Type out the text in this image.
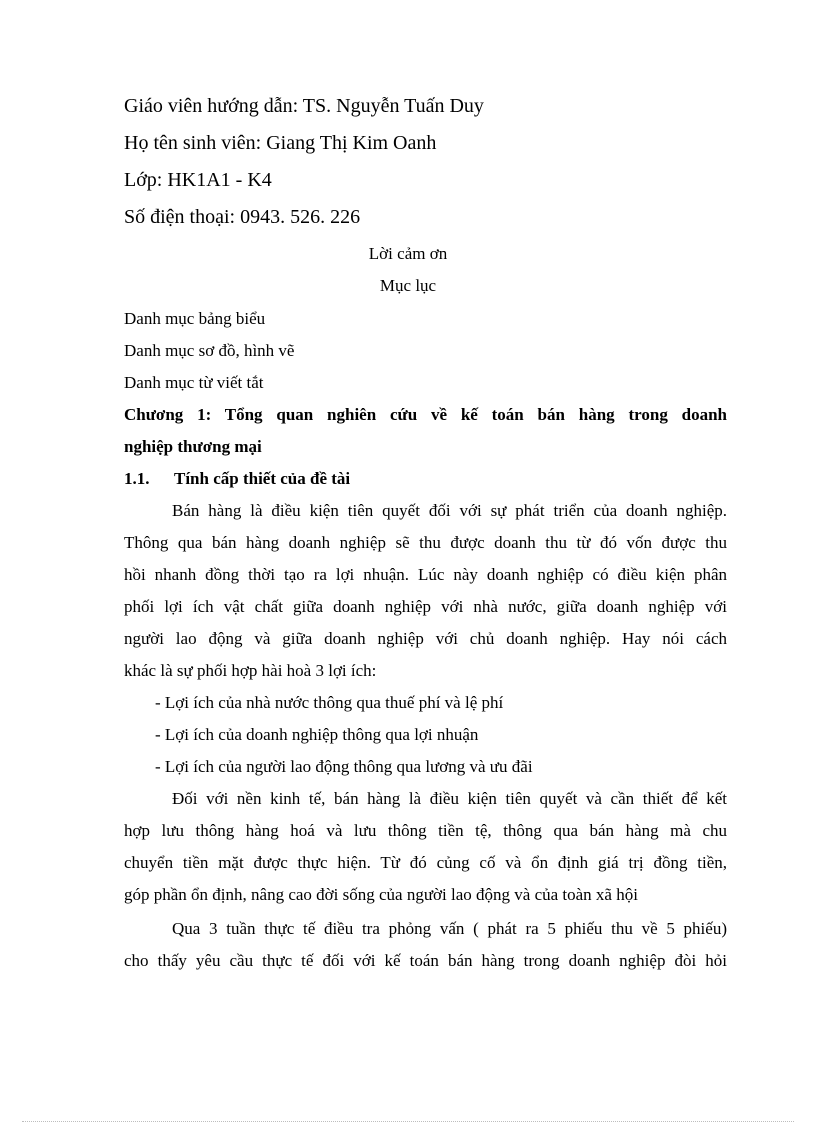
Giáo viên hướng dẫn: TS. Nguyễn Tuấn Duy
Họ tên sinh viên: Giang Thị Kim Oanh
Lớp: HK1A1 - K4
Số điện thoại: 0943. 526. 226
Lời cảm ơn
Mục lục
Danh mục bảng biểu
Danh mục sơ đồ, hình vẽ
Danh mục từ viết tắt
Chương 1: Tổng quan nghiên cứu về kế toán bán hàng trong doanh
nghiệp thương mại
1.1. Tính cấp thiết của đề tài
Bán hàng là điều kiện tiên quyết đối với sự phát triển của doanh nghiệp.
Thông qua bán hàng doanh nghiệp sẽ thu được doanh thu từ đó vốn được thu
hồi nhanh đồng thời tạo ra lợi nhuận. Lúc này doanh nghiệp có điều kiện phân
phối lợi ích vật chất giữa doanh nghiệp với nhà nước, giữa doanh nghiệp với
người lao động và giữa doanh nghiệp với chủ doanh nghiệp. Hay nói cách
khác là sự phối hợp hài hoà 3 lợi ích:
- Lợi ích của nhà nước thông qua thuế phí và lệ phí
- Lợi ích của doanh nghiệp thông qua lợi nhuận
- Lợi ích của người lao động thông qua lương và ưu đãi
Đối với nền kinh tế, bán hàng là điều kiện tiên quyết và cần thiết để kết
hợp lưu thông hàng hoá và lưu thông tiền tệ, thông qua bán hàng mà chu
chuyển tiền mặt được thực hiện. Từ đó củng cố và ổn định giá trị đồng tiền,
góp phần ổn định, nâng cao đời sống của người lao động và của toàn xã hội
Qua 3 tuần thực tế điều tra phỏng vấn ( phát ra 5 phiếu thu về 5 phiếu)
cho thấy yêu cầu thực tế đối với kế toán bán hàng trong doanh nghiệp đòi hỏi
